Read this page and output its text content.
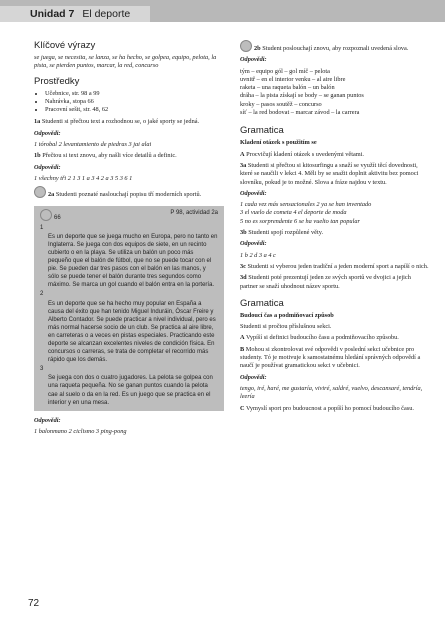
Unidad 7 El deporte
Klíčové výrazy

se juega, se necesita, se lanza, se ha hecho, se golpea, equipo, pelota, la pista, se pierden puntos, marcar, la red, concurso

Prostředky
• Učebnice, str. 98 a 99
• Nahrávka, stopa 66
• Pracovní sešit, str. 48, 62

1a Studenti si přečtou text a rozhodnou se, o jaké sporty se jedná.

Odpovědi:

1 tórobal 2 levantamiento de piedras 3 jai alai

1b Přečtou si text znovu, aby našli více detailů a definic.

Odpovědi:

1 všechny tři 2 1 3 1 a 3 4 2 a 3 5 3 6 1

2a Studenti poznaté naslouchají popisu tří moderních sportů.

66
P 98, actividad 2a
1
Es un deporte que se juega mucho en Europa, pero no tanto en Inglaterra. Se juega con dos equipos de siete, en un recinto cubierto o en la playa. Se utiliza un balón un poco más pequeño que el balón de fútbol, que no se puede tocar con el pie. Se pueden dar tres pasos con el balón en las manos, y sólo se puede tener el balón durante tres segundos como máximo. Se marca un gol cuando el balón entra en la portería.
2
Es un deporte que se ha hecho muy popular en España a causa del éxito que han tenido Miguel Induráin, Óscar Freire y Alberto Contador. Se puede practicar a nivel individual, pero es más normal hacerse socio de un club. Se practica al aire libre, en carreteras o a veces en pistas especiales. Practicando este deporte se alcanzan excelentes niveles de condición física. En concursos o carreras, se trata de completar el recorrido más rápido que los demás.
3
Se juega con dos o cuatro jugadores. La pelota se golpea con una raqueta pequeña. No se ganan puntos cuando la pelota cae al suelo o da en la red. Es un juego que se practica en el interior y en una mesa.

Odpovědi:

1 balonmano 2 ciclismo 3 ping-pong

2b Student poslouchají znovu, aby rozpoznali uvedená slova.

Odpovědi:

tým – equipo gól – gol míč – pelota
uvnitř – en el interior venku – al aire libre
raketa – una raqueta balón – un balón
dráha – la pista získají se body – se ganan puntos
kroky – pasos soutěž – concurso
síť – la red bodovat – marcar závod – la carrera
Gramatica

Kladení otázek s použitím se

A Procvičují kladení otázek s uvedenými větami.

3a Studenti si přečtou si kitosurfingu a snaží se využít těcí dovednosti, které se naučili v lekci 4. Měli by se snažit doplnit aktivitu bez pomoci slovníku, pokud je to možné. Slova a fráze najdou v textu.

Odpovědi:

1 cada vez más sensacionales 2 ya se han inventado
3 el vuelo de cometa 4 el deporte de moda
5 no es sorprendente 6 se ha vuelto tan popular

3b Studenti spojí rozpůlené věty.

Odpovědi:

1 b 2 d 3 a 4 c

3c Studenti si vyberou jeden tradiční a jeden moderní sport a napíší o nich.

3d Studenti poté prezentují jeden ze svých sportů ve dvojici a jejich partner se snaží uhodnout název sportu.

Gramatica

Budoucí čas a podmiňovací způsob

Studenti si pročtou příslušnou sekci.

A Vypíší si definici budoucího času a podmiňovacího způsobu.

B Mohou si zkontrolovat své odpovědi v poslední sekci učebnice pro studenty. Tó je motivuje k samostatnému hledání správných odpovědí a naučí je používat gramatickou sekci v učebnici.

Odpovědi:

tengo, iré, haré, me gustaría, viviré, saldré, vuelvo, descansaré, tendría, leería

C Vymyslí sport pro budoucnost a popíší ho pomocí budoucího času.

72
